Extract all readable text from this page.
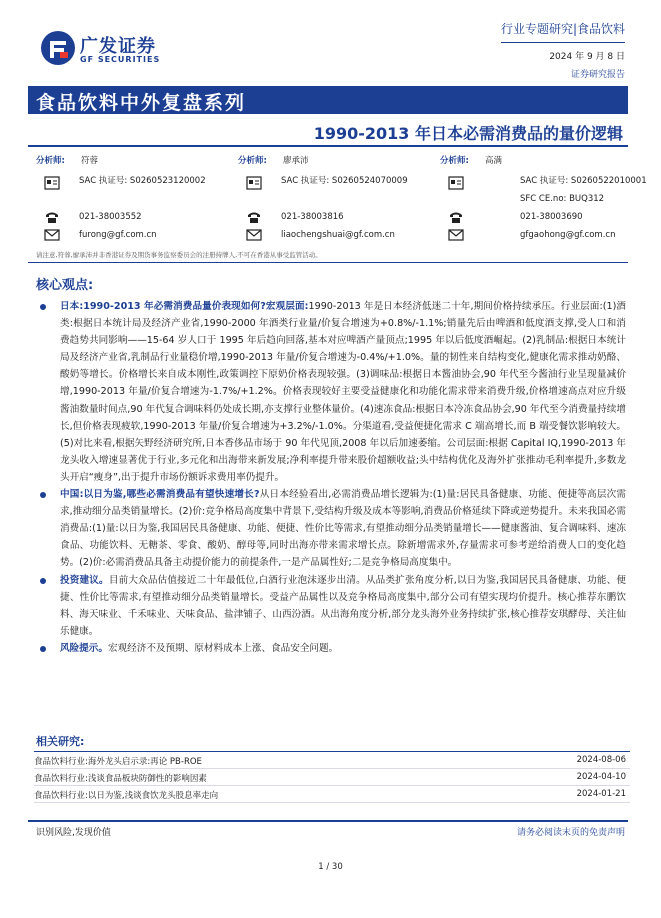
广发证券
GF SECURITIES
行业专题研究|食品饮料
2024 年 9 月 8 日
证券研究报告
食品饮料中外复盘系列
1990-2013 年日本必需消费品的量价逻辑
分析师: 符蓉
SAC 执证号: S0260523120002
021-38003552
furong@gf.com.cn
分析师: 廖承沛
SAC 执证号: S0260524070009
021-38003816
liaochengshuai@gf.com.cn
分析师: 高满
SAC 执证号: S0260522010001
SFC CE.no: BUQ312
021-38003690
gfgaohong@gf.com.cn
请注意,符蓉,廖承沛并非香港证券及期货事务监察委员会的注册持牌人,不可在香港从事受监管活动。
核心观点:
日本:1990-2013 年必需消费品量价表现如何?宏观层面:1990-2013 年是日本经济低迷二十年,期间价格持续承压。行业层面:(1)酒类:根据日本统计局及经济产业省,1990-2000 年酒类行业量/价复合增速为+0.8%/-1.1%;销量先后由啤酒和低度酒支撑,受人口和消费趋势共同影响——15-64 岁人口于 1995 年后趋向回落,基本对应啤酒产量顶点;1995 年以后低度酒崛起。(2)乳制品:根据日本统计局及经济产业省,乳制品行业量稳价增,1990-2013 年量/价复合增速为-0.4%/+1.0%。量的韧性来自结构变化,健康化需求推动奶酪、酸奶等增长。价格增长来自成本刚性,政策调控下原奶价格表现较强。(3)调味品:根据日本酱油协会,90 年代至今酱油行业呈现量减价增,1990-2013 年量/价复合增速为-1.7%/+1.2%。价格表现较好主要受益健康化和功能化需求带来消费升级,价格增速高点对应升级酱油数量时间点,90 年代复合调味料仍处成长期,亦支撑行业整体量价。(4)速冻食品:根据日本冷冻食品协会,90 年代至今消费量持续增长,但价格表现疲软,1990-2013 年量/价复合增速为+3.2%/-1.0%。分渠道看,受益便捷化需求 C 端高增长,而 B 端受餐饮影响较大。(5)对比来看,根据矢野经济研究所,日本香侈品市场于 90 年代见顶,2008 年以后加速萎缩。公司层面:根据 Capital IQ,1990-2013 年龙头收入增速显著优于行业,多元化和出海带来新发展;净利率提升带来股价超额收益;头中结构优化及海外扩张推动毛利率提升,多数龙头开启“瘦身”,出于提升市场份额诉求费用率仍提升。
中国:以日为鉴,哪些必需消费品有望快速增长?从日本经验看出,必需消费品增长逻辑为:(1)量:居民具备健康、功能、便捷等高层次需求,推动细分品类销量增长。(2)价:竞争格局高度集中背景下,受结构升级及成本等影响,消费品价格延续下降或逆势提升。未来我国必需消费品:(1)量:以日为鉴,我国居民具备健康、功能、便捷、性价比等需求,有望推动细分品类销量增长——健康酱油、复合调味料、速冻食品、功能饮料、无糖茶、零食、酸奶、醇母等,同时出海亦带来需求增长点。除新增需求外,存量需求可参考逆给消费人口的变化趋势。(2)价:必需消费品具备主动提价能力的前提条件,一是产品属性好;二是竞争格局高度集中。
投资建议。目前大众品估值接近二十年最低位,白酒行业泡沫逐步出清。从品类扩张角度分析,以日为鉴,我国居民具备健康、功能、便捷、性价比等需求,有望推动细分品类销量增长。受益产品属性以及竞争格局高度集中,部分公司有望实现均价提升。核心推荐东鹏饮料、海天味业、千禾味业、天味食品、盐津铺子、山西汾酒。从出海角度分析,部分龙头海外业务持续扩张,核心推荐安琪酵母、关注仙乐健康。
风险提示。宏观经济不及预期、原材料成本上涨、食品安全问题。
相关研究:
食品饮料行业:海外龙头启示录:再论 PB-ROE	2024-08-06
食品饮料行业:浅谈食品板块防御性的影响因素	2024-04-10
食品饮料行业:以日为鉴,浅谈食饮龙头股息率走向	2024-01-21
识别风险,发现价值	请务必阅读末页的免责声明
1 / 30
